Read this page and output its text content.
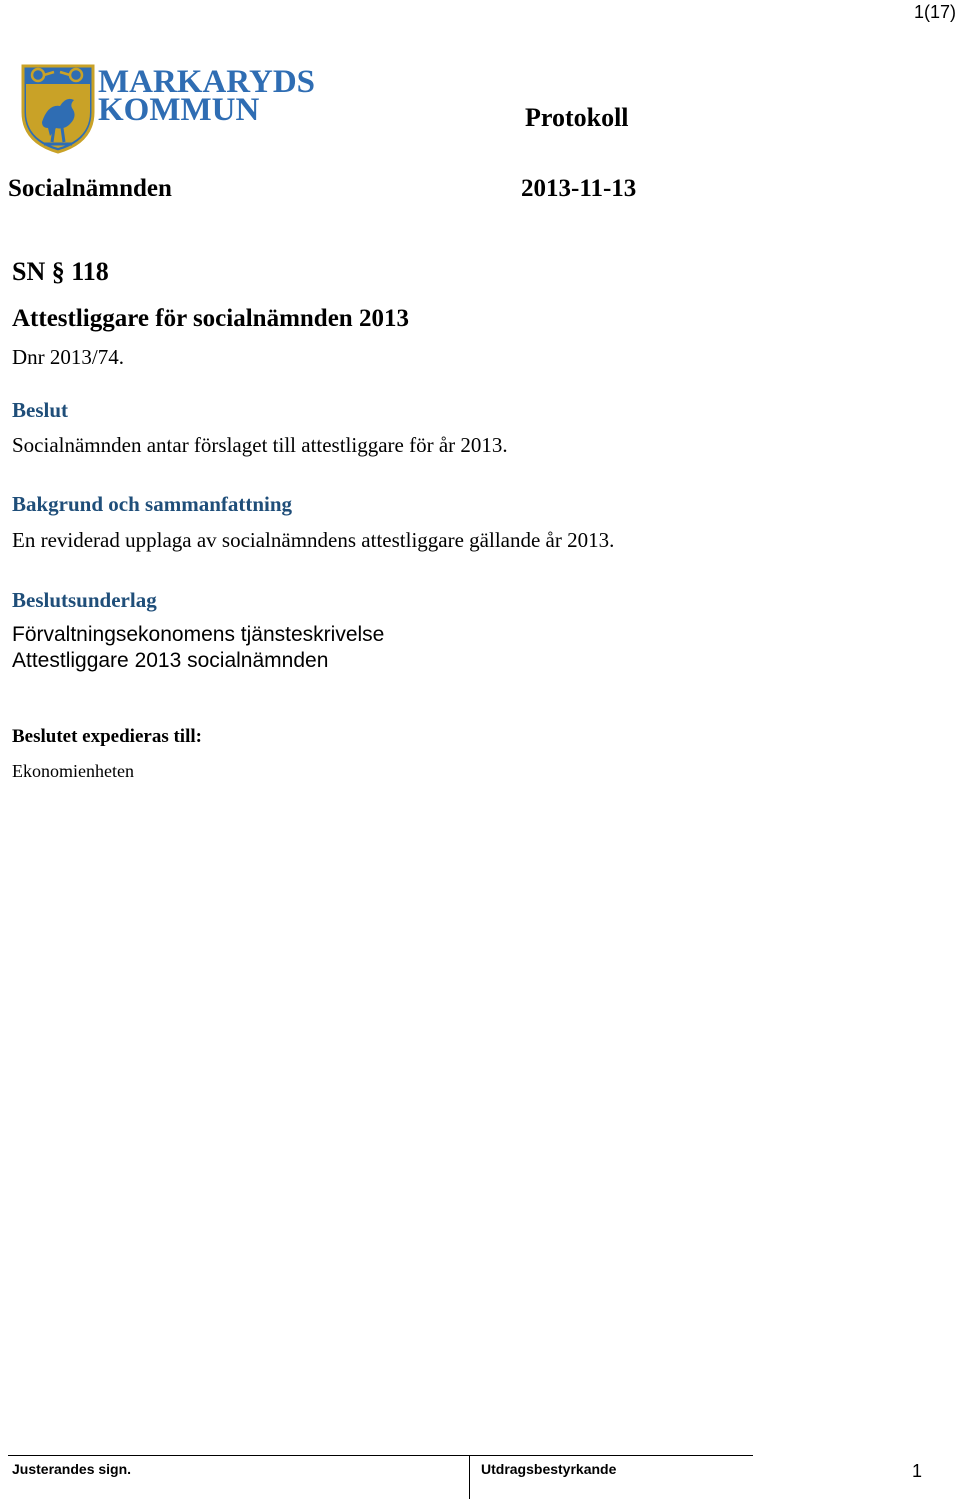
1(17)
MARKARYDS
KOMMUN	Protokoll
Socialnämnden	2013-11-13
SN § 118
Attestliggare för socialnämnden 2013
Dnr 2013/74.
Beslut
Socialnämnden antar förslaget till attestliggare för år 2013.
Bakgrund och sammanfattning
En reviderad upplaga av socialnämndens attestliggare gällande år 2013.
Beslutsunderlag
Förvaltningsekonomens tjänsteskrivelse
Attestliggare 2013 socialnämnden
Beslutet expedieras till:
Ekonomienheten
Justerandes sign.	Utdragsbestyrkande	1
